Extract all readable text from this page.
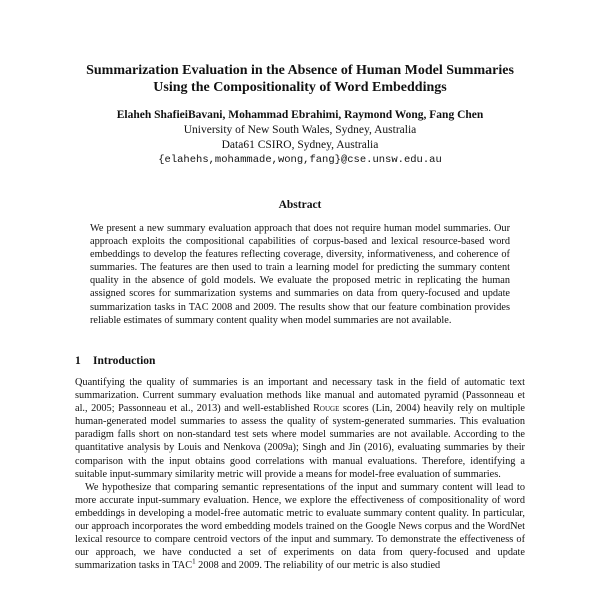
Summarization Evaluation in the Absence of Human Model Summaries
Using the Compositionality of Word Embeddings
Elaheh ShafieiBavani, Mohammad Ebrahimi, Raymond Wong, Fang Chen
University of New South Wales, Sydney, Australia
Data61 CSIRO, Sydney, Australia
{elahehs,mohammade,wong,fang}@cse.unsw.edu.au
Abstract
We present a new summary evaluation approach that does not require human model summaries. Our approach exploits the compositional capabilities of corpus-based and lexical resource-based word embeddings to develop the features reflecting coverage, diversity, informativeness, and coherence of summaries. The features are then used to train a learning model for predicting the summary content quality in the absence of gold models. We evaluate the proposed metric in replicating the human assigned scores for summarization systems and summaries on data from query-focused and update summarization tasks in TAC 2008 and 2009. The results show that our feature combination provides reliable estimates of summary content quality when model summaries are not available.
1 Introduction

Quantifying the quality of summaries is an important and necessary task in the field of automatic text summarization. Current summary evaluation methods like manual and automated pyramid (Passonneau et al., 2005; Passonneau et al., 2013) and well-established Rouge scores (Lin, 2004) heavily rely on multiple human-generated model summaries to assess the quality of system-generated summaries. This evaluation paradigm falls short on non-standard test sets where model summaries are not available. According to the quantitative analysis by Louis and Nenkova (2009a); Singh and Jin (2016), evaluating summaries by their comparison with the input obtains good correlations with manual evaluations. Therefore, identifying a suitable input-summary similarity metric will provide a means for model-free evaluation of summaries.

We hypothesize that comparing semantic representations of the input and summary content will lead to more accurate input-summary evaluation. Hence, we explore the effectiveness of compositionality of word embeddings in developing a model-free automatic metric to evaluate summary content quality. In particular, our approach incorporates the word embedding models trained on the Google News corpus and the WordNet lexical resource to compare centroid vectors of the input and summary. To demonstrate the effectiveness of our approach, we have conducted a set of experiments on data from query-focused and update summarization tasks in TAC$^1$ 2008 and 2009. The reliability of our metric is also studied
